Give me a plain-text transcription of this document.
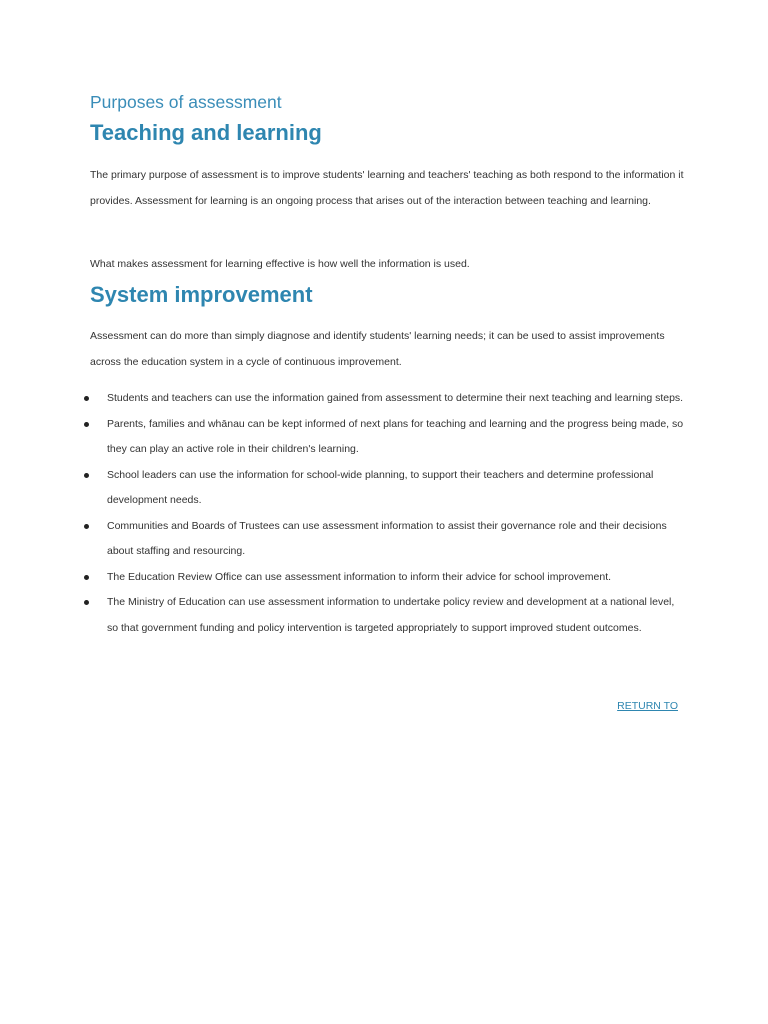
Purposes of assessment
Teaching and learning

The primary purpose of assessment is to improve students' learning and teachers' teaching as both respond to the information it provides. Assessment for learning is an ongoing process that arises out of the interaction between teaching and learning.

What makes assessment for learning effective is how well the information is used.

System improvement

Assessment can do more than simply diagnose and identify students' learning needs; it can be used to assist improvements across the education system in a cycle of continuous improvement.

Students and teachers can use the information gained from assessment to determine their next teaching and learning steps.
Parents, families and whānau can be kept informed of next plans for teaching and learning and the progress being made, so they can play an active role in their children's learning.
School leaders can use the information for school-wide planning, to support their teachers and determine professional development needs.
Communities and Boards of Trustees can use assessment information to assist their governance role and their decisions about staffing and resourcing.
The Education Review Office can use assessment information to inform their advice for school improvement.
The Ministry of Education can use assessment information to undertake policy review and development at a national level, so that government funding and policy intervention is targeted appropriately to support improved student outcomes.
RETURN TO
